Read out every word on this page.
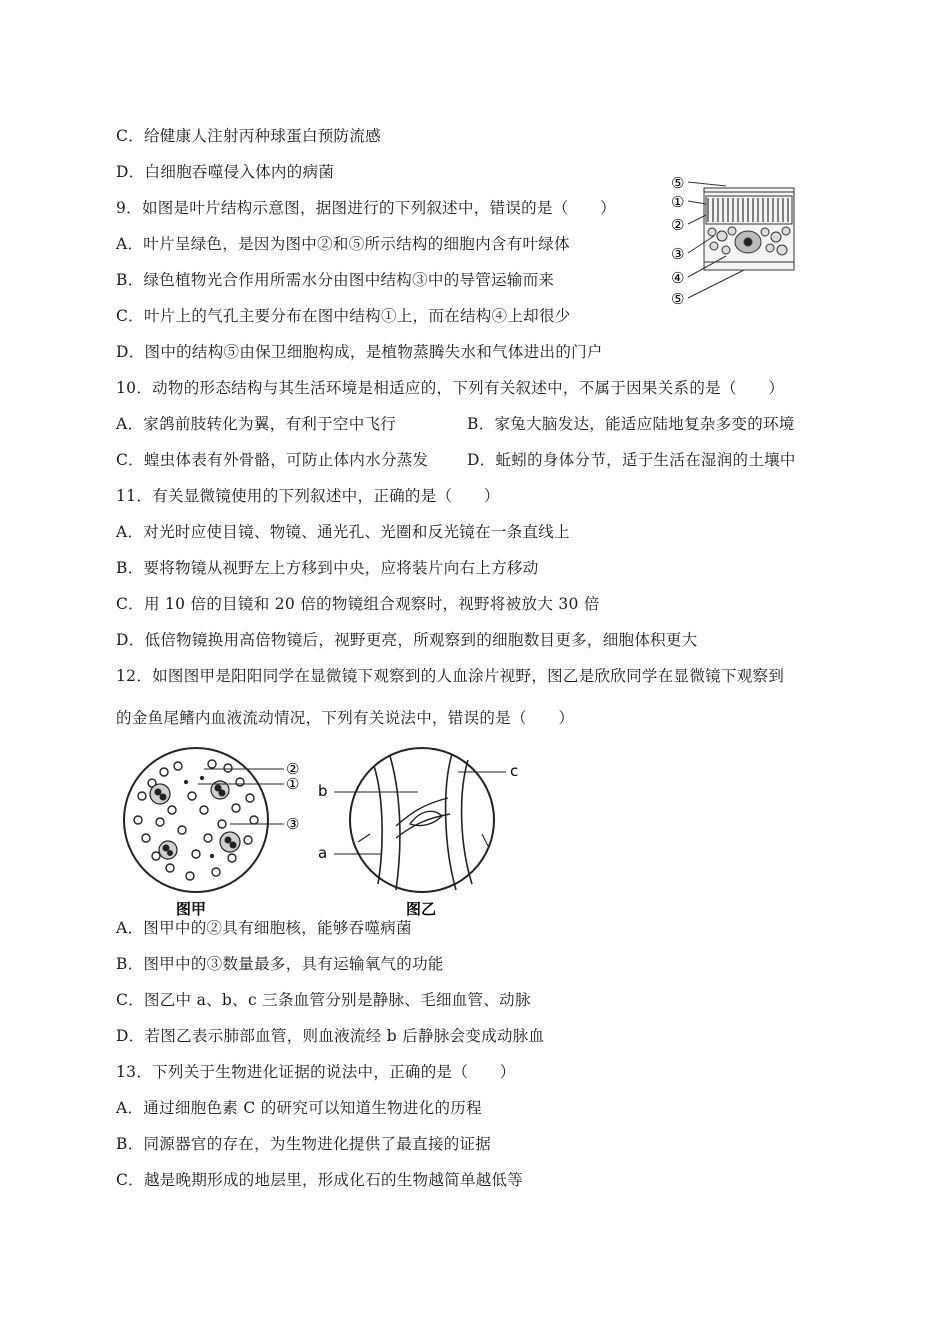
C．给健康人注射丙种球蛋白预防流感
D．白细胞吞噬侵入体内的病菌
9．如图是叶片结构示意图，据图进行的下列叙述中，错误的是（　　）
A．叶片呈绿色，是因为图中②和⑤所示结构的细胞内含有叶绿体
B．绿色植物光合作用所需水分由图中结构③中的导管运输而来
C．叶片上的气孔主要分布在图中结构①上，而在结构④上却很少
D．图中的结构⑤由保卫细胞构成，是植物蒸腾失水和气体进出的门户
10．动物的形态结构与其生活环境是相适应的，下列有关叙述中，不属于因果关系的是（　　）
A．家鸽前肢转化为翼，有利于空中飞行	B．家兔大脑发达，能适应陆地复杂多变的环境
C．蝗虫体表有外骨骼，可防止体内水分蒸发 D．蚯蚓的身体分节，适于生活在湿润的土壤中
11．有关显微镜使用的下列叙述中，正确的是（　　）
A．对光时应使目镜、物镜、通光孔、光圈和反光镜在一条直线上
B．要将物镜从视野左上方移到中央，应将装片向右上方移动
C．用 10 倍的目镜和 20 倍的物镜组合观察时，视野将被放大 30 倍
D．低倍物镜换用高倍物镜后，视野更亮，所观察到的细胞数目更多，细胞体积更大
12．如图图甲是阳阳同学在显微镜下观察到的人血涂片视野，图乙是欣欣同学在显微镜下观察到
的金鱼尾鳍内血液流动情况，下列有关说法中，错误的是（　　）
A．图甲中的②具有细胞核，能够吞噬病菌
B．图甲中的③数量最多，具有运输氧气的功能
C．图乙中 a、b、c 三条血管分别是静脉、毛细血管、动脉
D．若图乙表示肺部血管，则血液流经 b 后静脉会变成动脉血
13．下列关于生物进化证据的说法中，正确的是（　　）
A．通过细胞色素 C 的研究可以知道生物进化的历程
B．同源器官的存在，为生物进化提供了最直接的证据
C．越是晚期形成的地层里，形成化石的生物越简单越低等
⑤
①
②
③
④
⑤
②
①
③
图甲
b
a
c
图乙
